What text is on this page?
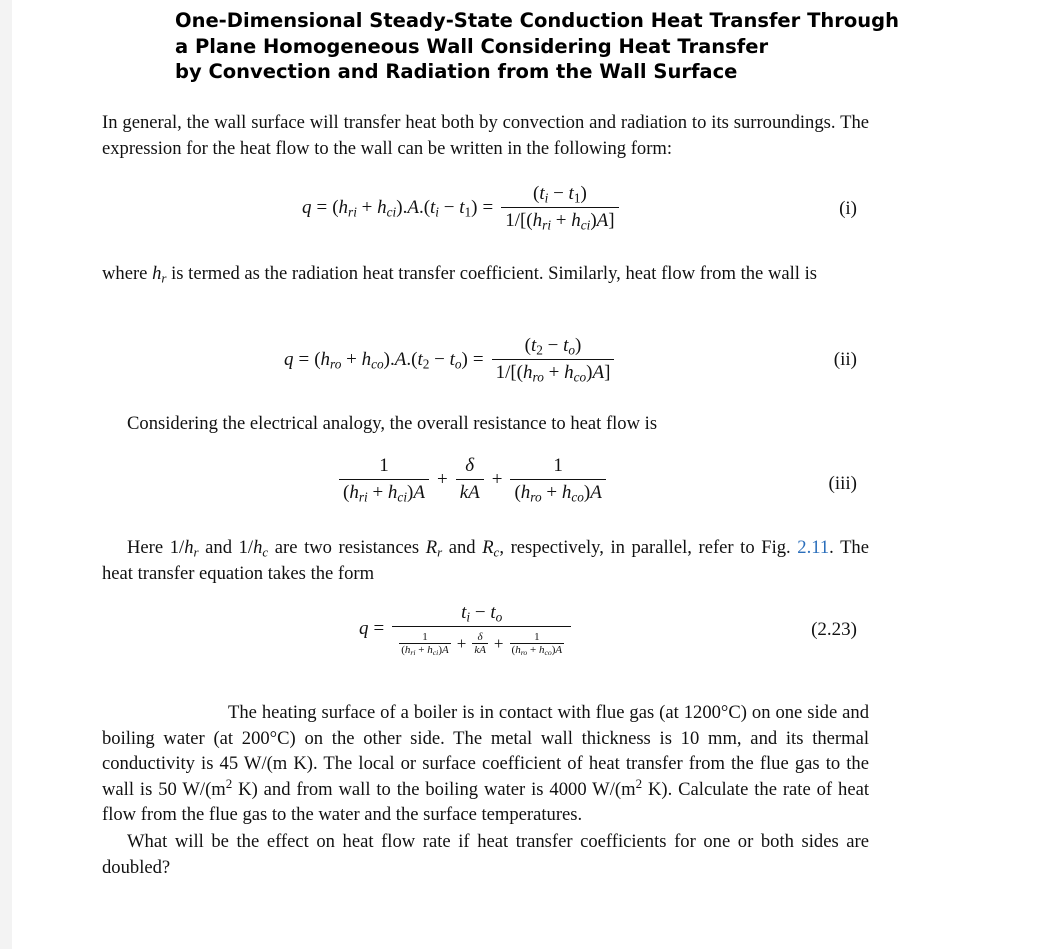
One-Dimensional Steady-State Conduction Heat Transfer Through
a Plane Homogeneous Wall Considering Heat Transfer
by Convection and Radiation from the Wall Surface
In general, the wall surface will transfer heat both by convection and radiation to its surroundings. The expression for the heat flow to the wall can be written in the following form:
$q = (h_{ri} + h_{ci}).A.(t_i - t_1) = \frac{(t_i - t_1)}{1/[(h_{ri} + h_{ci})A]}$	(i)
where $h_r$ is termed as the radiation heat transfer coefficient. Similarly, heat flow from the wall is
$q = (h_{ro} + h_{co}).A.(t_2 - t_o) = \frac{(t_2 - t_o)}{1/[(h_{ro} + h_{co})A]}$	(ii)
Considering the electrical analogy, the overall resistance to heat flow is
$\frac{1}{(h_{ri} + h_{ci})A} + \frac{\delta}{kA} + \frac{1}{(h_{ro} + h_{co})A}$	(iii)
Here $1/h_r$ and $1/h_c$ are two resistances $R_r$ and $R_c$, respectively, in parallel, refer to Fig. 2.11. The heat transfer equation takes the form
q =
$t_i - t_o$
$\frac{1}{(h_{ri} + h_{ci})A} + \frac{\delta}{kA} + \frac{1}{(h_{ro} + h_{co})A}$
(2.23)
The heating surface of a boiler is in contact with flue gas (at 1200°C) on one side and boiling water (at 200°C) on the other side. The metal wall thickness is 10 mm, and its thermal conductivity is 45 W/(m K). The local or surface coefficient of heat transfer from the flue gas to the wall is 50 $W/(m^2$ K) and from wall to the boiling water is 4000 $W/(m^2$ K). Calculate the rate of heat flow from the flue gas to the water and the surface temperatures.
What will be the effect on heat flow rate if heat transfer coefficients for one or both sides are doubled?
